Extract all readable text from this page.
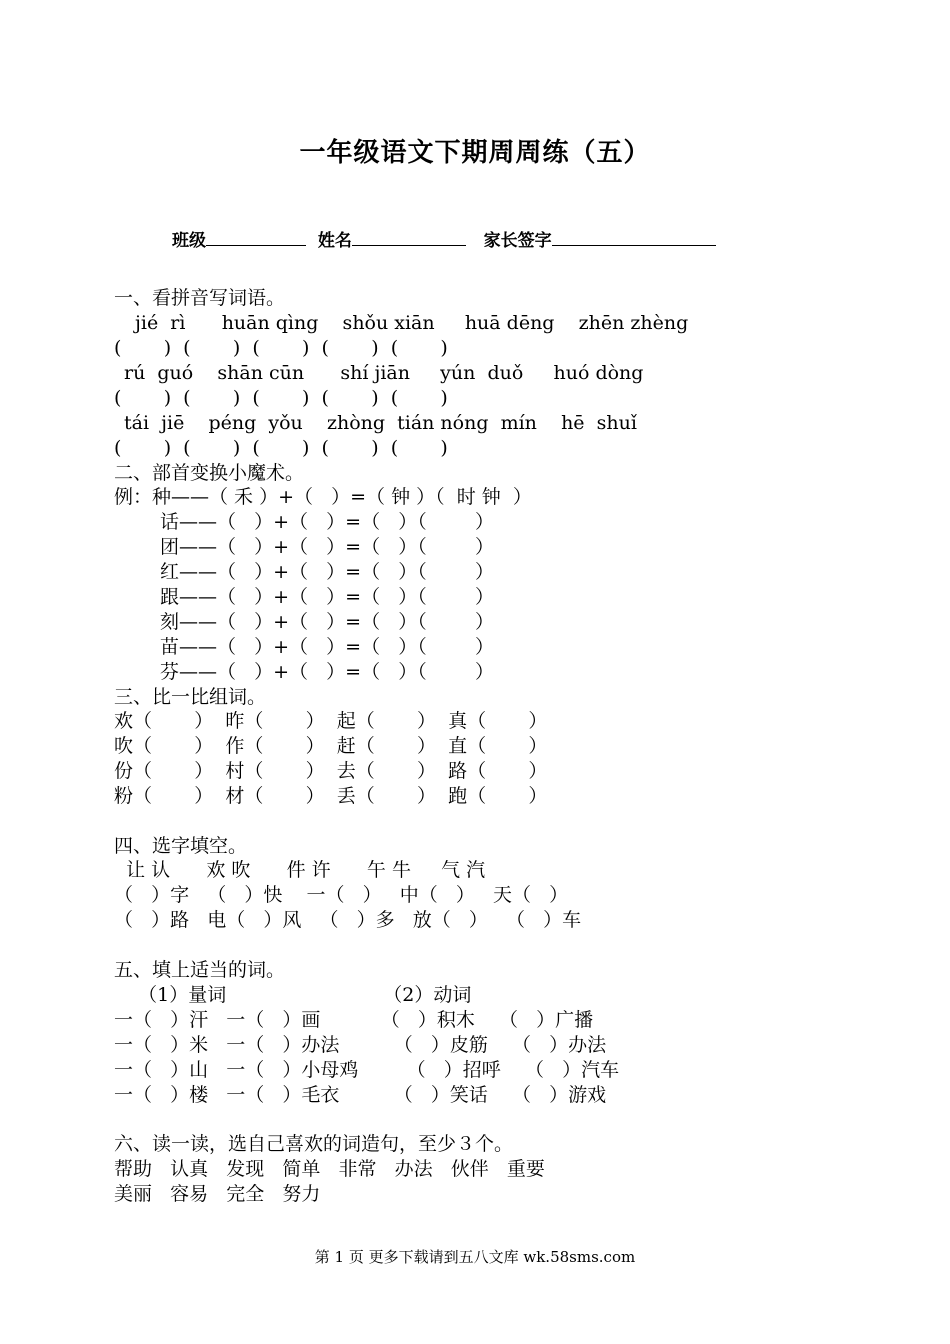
一年级语文下期周周练（五）
班级	姓名	家长签字
一、看拼音写词语。
jié  rì      huān qìng    shǒu xiān     huā dēng    zhēn zhèng
(       )  (       )  (       )  (       )  (       )
rú  guó    shān cūn      shí jiān     yún  duǒ     huó dòng
(       )  (       )  (       )  (       )  (       )
tái  jiē    péng  yǒu    zhòng  tián nóng  mín    hē  shuǐ
(       )  (       )  (       )  (       )  (       )
二、部首变换小魔术。
例：种——（ 禾 ）+（   ）=（ 钟 ）（  时 钟  ）
话——（   ）+（   ）=（   ）（        ）
团——（   ）+（   ）=（   ）（        ）
红——（   ）+（   ）=（   ）（        ）
跟——（   ）+（   ）=（   ）（        ）
刻——（   ）+（   ）=（   ）（        ）
苗——（   ）+（   ）=（   ）（        ）
芬——（   ）+（   ）=（   ）（        ）
三、比一比组词。
欢（       ）  昨（       ）  起（       ）  真（       ）
吹（       ）  作（       ）  赶（       ）  直（       ）
份（       ）  村（       ）  去（       ）  路（       ）
粉（       ）  材（       ）  丢（       ）  跑（       ）
四、选字填空。
让 认      欢 吹      件 许      午 牛     气 汽
（   ）字   （   ）快    一（   ）   中（   ）   天（   ）
（   ）路   电（   ）风   （   ）多   放（   ）   （   ）车
五、填上适当的词。
（1）量词                          （2）动词
一（   ）汗   一（   ）画          （   ）积木    （   ）广播
一（   ）米   一（   ）办法         （   ）皮筋    （   ）办法
一（   ）山   一（   ）小母鸡        （   ）招呼    （   ）汽车
一（   ）楼   一（   ）毛衣         （   ）笑话    （   ）游戏
六、读一读，选自己喜欢的词造句，至少３个。
帮助   认真   发现   简单   非常   办法   伙伴   重要
美丽   容易   完全   努力
第 1 页 更多下载请到五八文库 wk.58sms.com
